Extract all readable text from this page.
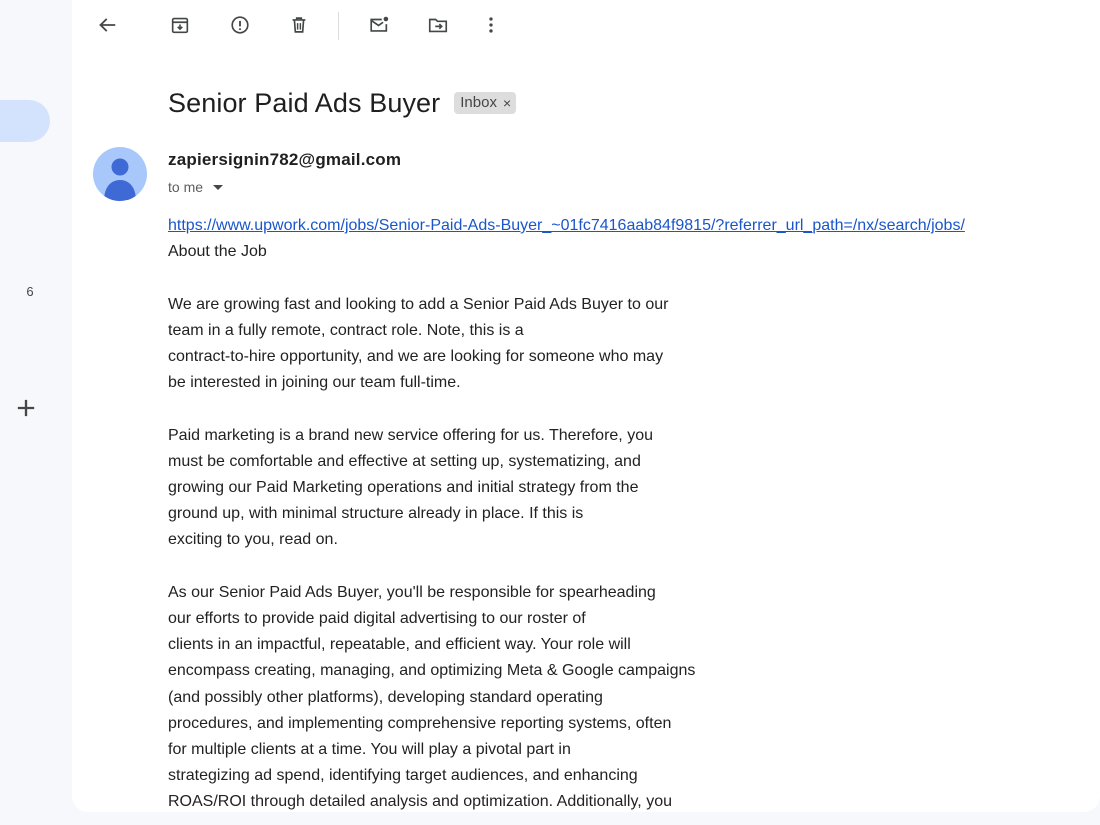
6
Senior Paid Ads Buyer Inbox ×
zapiersignin782@gmail.com
to me

https://www.upwork.com/jobs/Senior-Paid-Ads-Buyer_~01fc7416aab84f9815/?referrer_url_path=/nx/search/jobs/

About the Job

We are growing fast and looking to add a Senior Paid Ads Buyer to our

team in a fully remote, contract role. Note, this is a

contract-to-hire opportunity, and we are looking for someone who may

be interested in joining our team full-time.

Paid marketing is a brand new service offering for us. Therefore, you

must be comfortable and effective at setting up, systematizing, and

growing our Paid Marketing operations and initial strategy from the

ground up, with minimal structure already in place. If this is

exciting to you, read on.

As our Senior Paid Ads Buyer, you'll be responsible for spearheading

our efforts to provide paid digital advertising to our roster of

clients in an impactful, repeatable, and efficient way. Your role will

encompass creating, managing, and optimizing Meta & Google campaigns

(and possibly other platforms), developing standard operating

procedures, and implementing comprehensive reporting systems, often

for multiple clients at a time. You will play a pivotal part in

strategizing ad spend, identifying target audiences, and enhancing

ROAS/ROI through detailed analysis and optimization. Additionally, you
